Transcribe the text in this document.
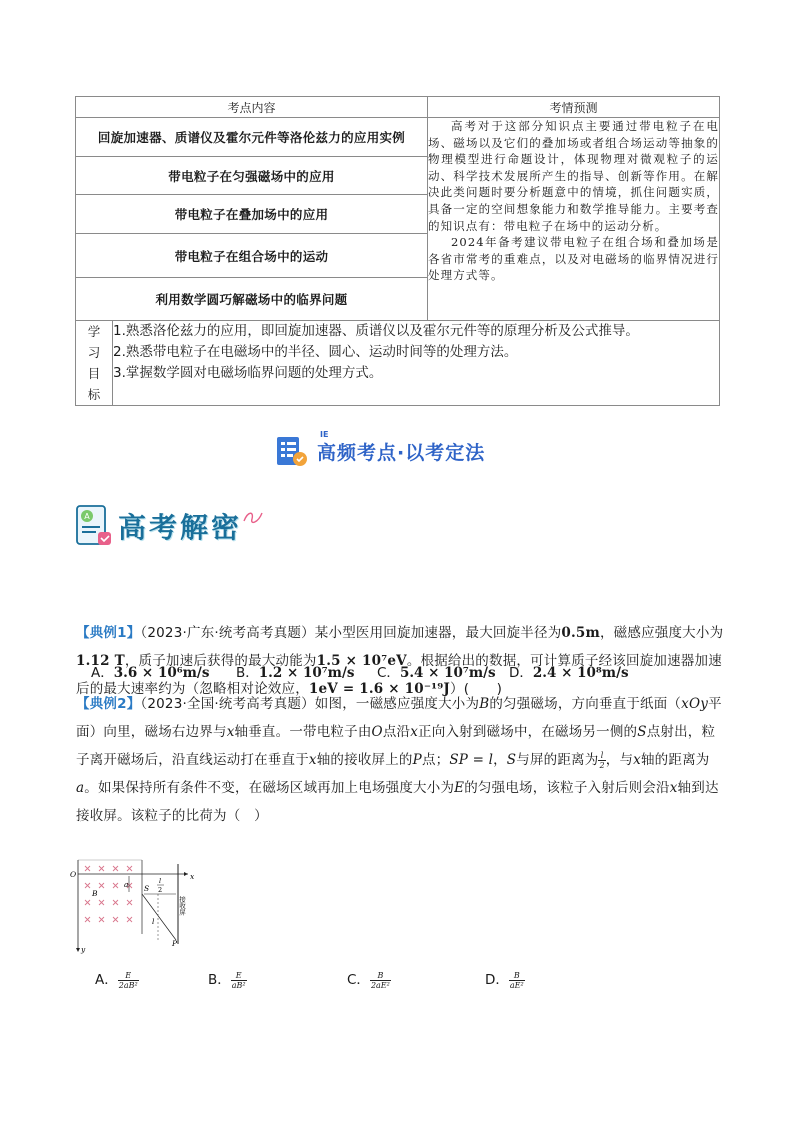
考点内容	考情预测
回旋加速器、质谱仪及霍尔元件等洛伦兹力的应用实例	

高考对于这部分知识点主要通过带电粒子在电场、磁场以及它们的叠加场或者组合场运动等抽象的物理模型进行命题设计，体现物理对微观粒子的运动、科学技术发展所产生的指导、创新等作用。在解决此类问题时要分析题意中的情境，抓住问题实质，具备一定的空间想象能力和数学推导能力。主要考查的知识点有：带电粒子在场中的运动分析。

2024年备考建议带电粒子在组合场和叠加场是各省市常考的重难点，以及对电磁场的临界情况进行处理方式等。

带电粒子在匀强磁场中的应用
带电粒子在叠加场中的应用
带电粒子在组合场中的运动
利用数学圆巧解磁场中的临界问题

学
习
目
标

1.熟悉洛伦兹力的应用，即回旋加速器、质谱仪以及霍尔元件等的原理分析及公式推导。
2.熟悉带电粒子在电磁场中的半径、圆心、运动时间等的处理方法。
3.掌握数学圆对电磁场临界问题的处理方式。
IE
高频考点·以考定法
A 高考解密
【典例1】（2023·广东·统考高考真题）某小型医用回旋加速器，最大回旋半径为0.5m，磁感应强度大小为1.12 T，质子加速后获得的最大动能为1.5 × 10⁷eV。根据给出的数据，可计算质子经该回旋加速器加速后的最大速率约为（忽略相对论效应，1eV = 1.6 × 10⁻¹⁹J）(　　)
A．3.6 × 10⁶m/s B．1.2 × 10⁷m/s C．5.4 × 10⁷m/s D．2.4 × 10⁸m/s
【典例2】（2023·全国·统考高考真题）如图，一磁感应强度大小为B的匀强磁场，方向垂直于纸面（xOy平面）向里，磁场右边界与x轴垂直。一带电粒子由O点沿x正向入射到磁场中，在磁场另一侧的S点射出，粒子离开磁场后，沿直线运动打在垂直于x轴的接收屏上的P点；SP = l，S与屏的距离为 $\frac{l}{2}$ ，与x轴的距离为a。如果保持所有条件不变，在磁场区域再加上电场强度大小为E的匀强电场，该粒子入射后则会沿x轴到达接收屏。该粒子的比荷为（　）
O	x
y
B
a S
l
2
l
P
接收屏
A． $\frac{E}{\text{2aB²}}$	B． $\frac{E}{\text{aB²}}$	C． $\frac{B}{\text{2aE²}}$	D． $\frac{B}{\text{aE²}}$
